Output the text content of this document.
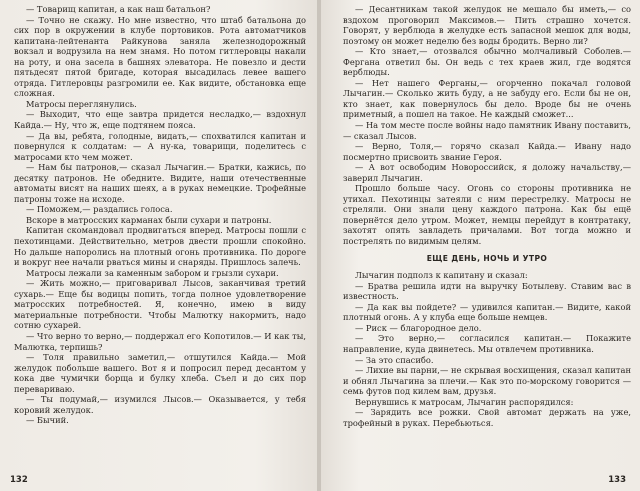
— Товарищ капитан, а как наш батальон?

— Точно не скажу. Но мне известно, что штаб батальона до сих пор в окружении в клубе портовиков. Рота автоматчиков капитана-лейтенанта Райкунова заняла железнодорожный вокзал и водрузила на нем знамя. Но потом гитлеровцы накали на роту, и она засела в башнях элеватора. Не повезло и дести пятьдесят пятой бригаде, которая высадилась левее вашего отряда. Гитлеровцы разгромили ее. Как видите, обстановка еще сложная.

Матросы переглянулись.

— Выходит, что еще завтра придется несладко,— вздохнул Кайда.— Ну, что ж, еще подтянем пояса.

— Да вы, ребята, голодные, видать,— спохватился капитан и повернулся к солдатам: — А ну-ка, товарищи, поделитесь с матросами кто чем может.

— Нам бы патронов,— сказал Лычагин.— Братки, кажись, по десятку патронов. Не обедните. Видите, наши отечественные автоматы висят на наших шеях, а в руках немецкие. Трофейные патроны тоже на исходе.

— Поможем,— раздались голоса.

Вскоре в матросских карманах были сухари и патроны.

Капитан скомандовал продвигаться вперед. Матросы пошли с пехотинцами. Действительно, метров двести прошли спокойно. Но дальше напоролись на плотный огонь противника. По дороге и вокруг нее начали рваться мины и снаряды. Пришлось залечь.

Матросы лежали за каменным забором и грызли сухари.

— Жить можно,— приговаривал Лысов, заканчивая третий сухарь.— Еще бы водицы попить, тогда полное удовлетворение матросских потребностей. Я, конечно, имею в виду материальные потребности. Чтобы Малютку накормить, надо сотню сухарей.

— Что верно то верно,— поддержал его Копотилов.— И как ты, Малютка, терпишь?

— Толя правильно заметил,— отшутился Кайда.— Мой желудок побольше вашего. Вот я и попросил перед десантом у кока две чумички борща и булку хлеба. Съел и до сих пор перевариваю.

— Ты подумай,— изумился Лысов.— Оказывается, у тебя коровий желудок.

— Бычий.

132

— Десантникам такой желудок не мешало бы иметь,— со вздохом проговорил Максимов.— Пить страшно хочется. Говорят, у верблюда в желудке есть запасной мешок для воды, поэтому он может неделю без воды бродить. Верно ли?

— Кто знает,— отозвался обычно молчаливый Соболев.— Фергана ответил бы. Он ведь с тех краев жил, где водятся верблюды.

— Нет нашего Ферганы,— огорченно покачал головой Лычагин.— Сколько жить буду, а не забуду его. Если бы не он, кто знает, как повернулось бы дело. Вроде бы не очень приметный, а пошел на такое. Не каждый сможет...

— На том месте после войны надо памятник Ивану поставить,— сказал Лысов.

— Верно, Толя,— горячо сказал Кайда.— Ивану надо посмертно присвоить звание Героя.

— А вот освободим Новороссийск, я доложу начальству,— заверил Лычагин.

Прошло больше часу. Огонь со стороны противника не утихал. Пехотинцы затеяли с ним перестрелку. Матросы не стреляли. Они знали цену каждого патрона. Как бы ещё повернётся дело утром. Может, немцы перейдут в контратаку, захотят опять завладеть причалами. Вот тогда можно и пострелять по видимым целям.

ЕЩЕ ДЕНЬ, НОЧЬ И УТРО

Лычагин подполз к капитану и сказал:

— Братва решила идти на выручку Ботылеву. Ставим вас в известность.

— Да как вы пойдете? — удивился капитан.— Видите, какой плотный огонь. А у клуба еще больше немцев.

— Риск — благородное дело.

— Это верно,— согласился капитан.— Покажите направление, куда двинетесь. Мы отвлечем противника.

— За это спасибо.

— Лихие вы парни,— не скрывая восхищения, сказал капитан и обнял Лычагина за плечи.— Как это по-морскому говорится — семь футов под килем вам, друзья.

Вернувшись к матросам, Лычагин распорядился:

— Зарядить все рожки. Свой автомат держать на уже, трофейный в руках. Перебьються.

133
